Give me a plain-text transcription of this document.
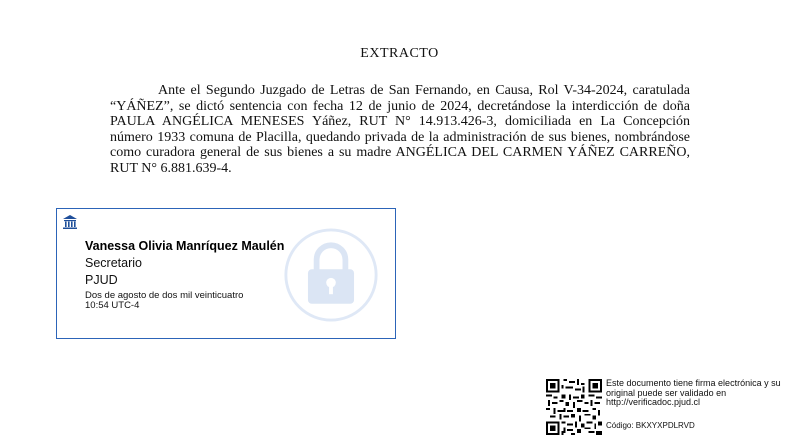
EXTRACTO
Ante el Segundo Juzgado de Letras de San Fernando, en Causa, Rol V-34-2024, caratulada “YÁÑEZ”, se dictó sentencia con fecha 12 de junio de 2024, decretándose la interdicción de doña PAULA ANGÉLICA MENESES Yáñez, RUT N° 14.913.426-3, domiciliada en La Concepción número 1933 comuna de Placilla, quedando privada de la administración de sus bienes, nombrándose como curadora general de sus bienes a su madre ANGÉLICA DEL CARMEN YÁÑEZ CARREÑO, RUT N° 6.881.639-4.
Vanessa Olivia Manríquez Maulén
Secretario
PJUD
Dos de agosto de dos mil veinticuatro
10:54 UTC-4
Este documento tiene firma electrónica y su original puede ser validado en http://verificadoc.pjud.cl
Código: BKXYXPDLRVD
